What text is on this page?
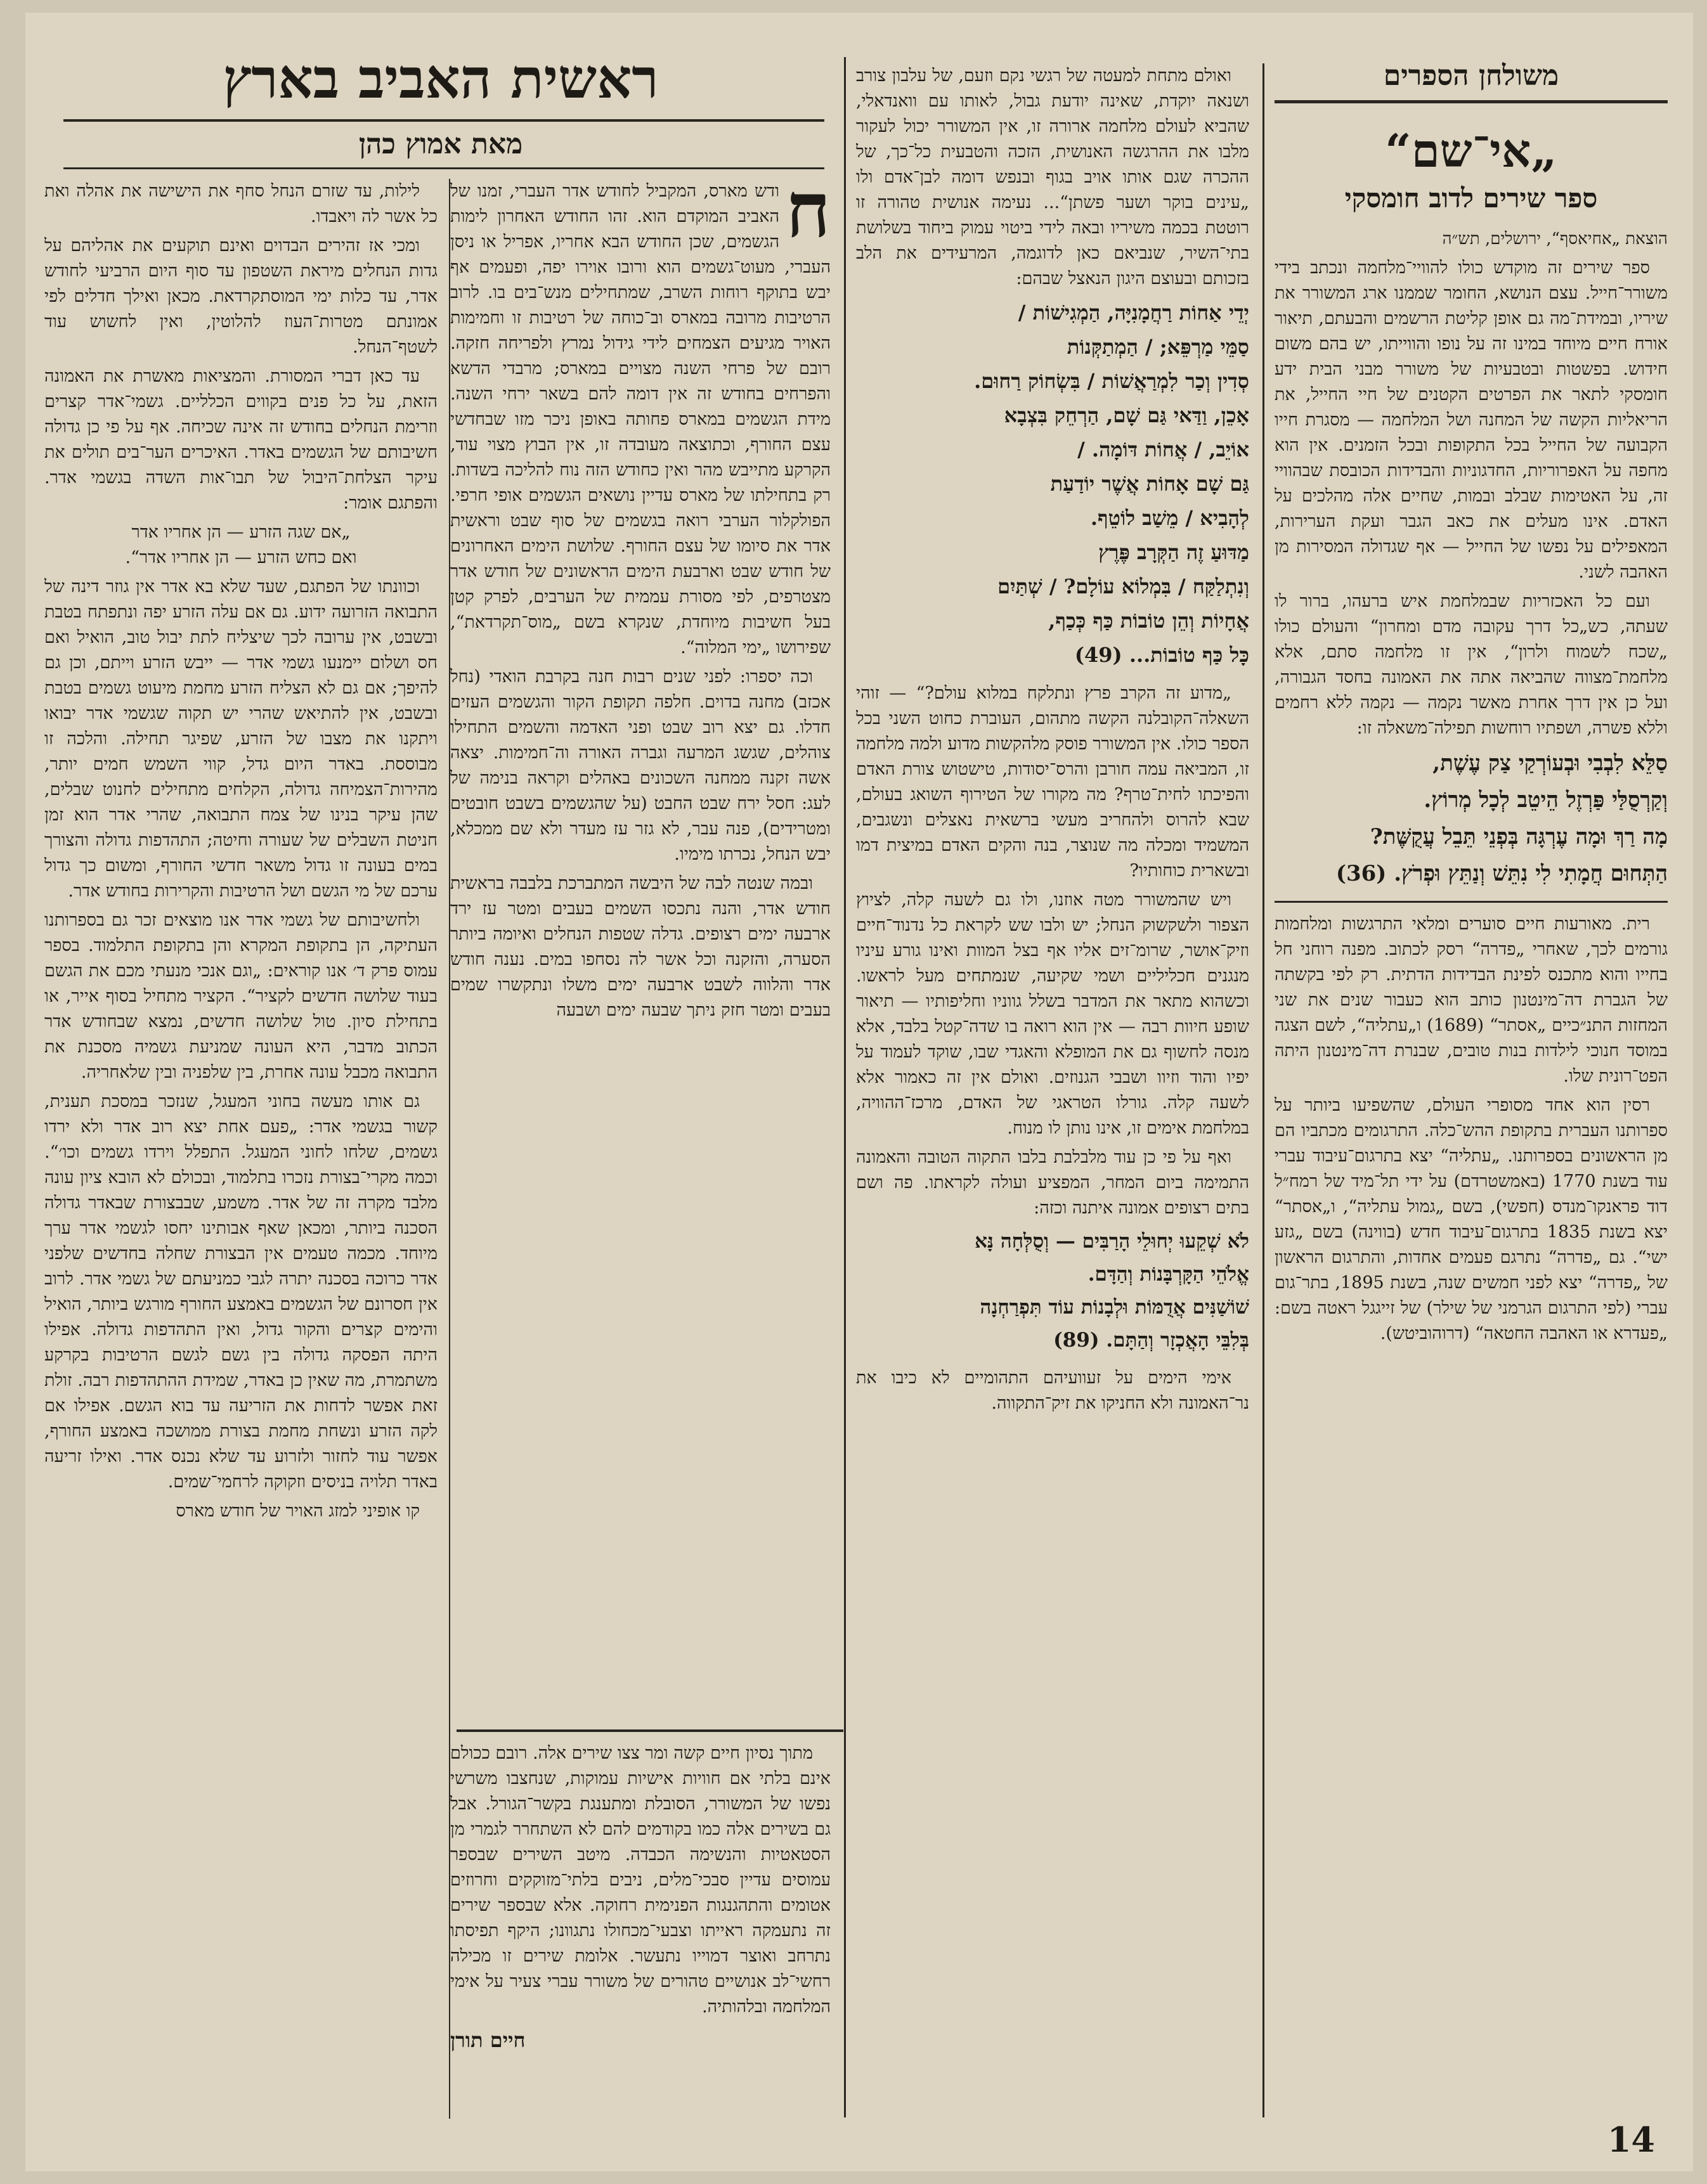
משולחן הספרים
„אי־שם“
ספר שירים לדוב חומסקי
הוצאת „אחיאסף“, ירושלים, תש״ה

ספר שירים זה מוקדש כולו להוויי־מלחמה ונכתב בידי משורר־חייל. עצם הנושא, החומר שממנו ארג המשורר את שיריו, ובמידת־מה גם אופן קליטת הרשמים והבעתם, תיאור אורח חיים מיוחד במינו זה על נופו והווייתו, יש בהם משום חידוש. בפשטות ובטבעיות של משורר מבני הבית ידע חומסקי לתאר את הפרטים הקטנים של חיי החייל, את הריאליות הקשה של המחנה ושל המלחמה — מסגרת חייו הקבועה של החייל בכל התקופות ובכל הזמנים. אין הוא מחפה על האפרוריות, החדגוניות והבדידות הכובסת שבהוויי זה, על האטימות שבלב ובמות, שחיים אלה מהלכים על האדם. אינו מעלים את כאב הגבר ועקת הערירות, המאפילים על נפשו של החייל — אף שגדולה המסירות מן האהבה לשני.

ועם כל האכזריות שבמלחמת איש ברעהו, ברור לו שעתה, כש„כל דרך עקובה מדם ומחרון“ והעולם כולו „שכח לשמוח ולרון“, אין זו מלחמה סתם, אלא מלחמת־מצווה שהביאה אתה את האמונה בחסד הגבורה, ועל כן אין דרך אחרת מאשר נקמה — נקמה ללא רחמים וללא פשרה, ושפתיו רוחשות תפילה־משאלה זו:

סַלֵּא לִבְבִי וּבְעוֹרְקַי צַק עֶשֶׁת,
וְקַרְסֻלַּי פַּרְזֶל הֵיטֵב לְכָל מְרוֹץ.
מָה רַךְ וּמָה עֶרְגָּה בְּפְנֵי תֵּבֵל עֲקֻשֶּׁת?
הַתְּחוּם חֲמָתִי לִי נִתֵּשׁ וְנַתֵּץ וּפְרֹץ. (36)

רית. מאורעות חיים סוערים ומלאי התרגשות ומלחמות גורמים לכך, שאחרי „פדרה“ רסק לכתוב. מפנה רוחני חל בחייו והוא מתכנס לפינת הבדידות הדתית. רק לפי בקשתה של הגברת דה־מינטנון כותב הוא כעבור שנים את שני המחזות התנ״כיים „אסתר“ (1689) ו„עתליה“, לשם הצגה במוסד חנוכי לילדות בנות טובים, שבנרת דה־מינטנון היתה הפט־רונית שלו.

רסין הוא אחד מסופרי העולם, שהשפיעו ביותר על ספרותנו העברית בתקופת ההש־כלה. התרגומים מכתביו הם מן הראשונים בספרותנו. „עתליה“ יצא בתרגום־עיבוד עברי עוד בשנת 1770 (באמשטרדם) על ידי תל־מיד של רמח״ל דוד פראנקו־מנדס (חפשי), בשם „גמול עתליה“, ו„אסתר“ יצא בשנת 1835 בתרגום־עיבוד חדש (בווינה) בשם „גזע ישי“. גם „פדרה“ נתרגם פעמים אחדות, והתרגום הראשון של „פדרה“ יצא לפני חמשים שנה, בשנת 1895, בתר־גום עברי (לפי התרגום הגרמני של שילר) של זייגגל ראטה בשם: „פעדרא או האהבה החטאה“ (דרוהוביטש).

ואולם מתחת למעטה של רגשי נקם וזעם, של עלבון צורב ושנאה יוקדת, שאינה יודעת גבול, לאותו עם וואנדאלי, שהביא לעולם מלחמה ארורה זו, אין המשורר יכול לעקור מלבו את ההרגשה האנושית, הזכה והטבעית כל־כך, של ההכרה שגם אותו אויב בגוף ובנפש דומה לבן־אדם ולו „עינים בוקר ושער פשתן“... נעימה אנושית טהורה זו רוטטת בכמה משיריו ובאה לידי ביטוי עמוק ביחוד בשלושת בתי־השיר, שנביאם כאן לדוגמה, המרעידים את הלב בזכותם ובעוצם היגון הנאצל שבהם:

יְדֵי אַחוֹת רַחֲמָנִיָּה, הַמְגִישׁוֹת /
סַמֵּי מַרְפֵּא; / הַמְתַקְּנוֹת
סְדִין וְכַר לִמְרַאֲשׁוֹת / בִּשְׂחוֹק רַחוּם.
אָכֵן, וַדַּאי גַּם שָׁם, הַרְחֵק בִּצְבָא
אוֹיֵב, / אֲחוֹת דּוֹמָה. /
גַּם שָׁם אָחוֹת אֲשֶׁר יוֹדַעַת
לְהָבִיא / מֵשַׁב לוֹטֵף.
מַדּוּעַ זֶה הַקְּרָב פֶּרֶץ
וְנִתְלַקַּח / בִּמְלוֹא עוֹלָם? / שְׁתַּיִם
אֲחָיוֹת וְהֵן טוֹבוֹת כַּף כְּכַף,
כָּל כַּף טוֹבוֹת... (49)

„מדוע זה הקרב פרץ ונתלקח במלוא עולם?“ — זוהי השאלה־הקובלנה הקשה מתהום, העוברת כחוט השני בכל הספר כולו. אין המשורר פוסק מלהקשות מדוע ולמה מלחמה זו, המביאה עמה חורבן והרס־יסודות, טישטוש צורת האדם והפיכתו לחית־טרף? מה מקורו של הטירוף השואג בעולם, שבא להרוס ולהחריב מעשי ברשאית נאצלים ונשגבים, המשמיד ומכלה מה שנוצר, בנה והקים האדם במיצית דמו ובשארית כוחותיו?

ויש שהמשורר מטה אוזנו, ולו גם לשעה קלה, לציוץ הצפור ולשקשוק הנחל; יש ולבו שש לקראת כל נדנוד־חיים וזיק־אושר, שרומ־זים אליו אף בצל המוות ואינו גורע עיניו מנגנים חכליליים ושמי שקיעה, שנמתחים מעל לראשו. וכשהוא מתאר את המדבר בשלל גווניו וחליפותיו — תיאור שופע חיוות רבה — אין הוא רואה בו שדה־קטל בלבד, אלא מנסה לחשוף גם את המופלא והאגדי שבו, שוקד לעמוד על יפיו והוד וזיוו ושבבי הגנוזים. ואולם אין זה כאמור אלא לשעה קלה. גורלו הטראגי של האדם, מרכז־ההוויה, במלחמת אימים זו, אינו נותן לו מנוח.

ואף על פי כן עוד מלבלבת בלבו התקוה הטובה והאמונה התמימה ביום המחר, המפציע ועולה לקראתו. פה ושם בתים רצופים אמונה איתנה וכזה:

לֹא שְׁקֵעוּ יְחוּלֵי הָרַבִּים — וְסֻלְּחָה נָּא
אֱלֹהֵי הַקָּרְבָּנוֹת וְהַדָּם.
שׁוֹשַׁנִּים אֲדֻמּוֹת וּלְבָנוֹת עוֹד תִּפְרַחְנָה
בְּלִבֵּי הָאֲכְזָר וְהַתָּם. (89)

אימי הימים על זעוועיהם התהומיים לא כיבו את נר־האמונה ולא החניקו את זיק־התקווה.

ראשית האביב בארץ
מאת אמוץ כהן
ח

ודש מארס, המקביל לחודש אדר העברי, זמנו של האביב המוקדם הוא. זהו החודש האחרון לימות הגשמים, שכן החודש הבא אחריו, אפריל או ניסן העברי, מעוט־גשמים הוא ורובו אוירו יפה, ופעמים אף יבש בתוקף רוחות השרב, שמתחילים מנש־בים בו. לרוב הרטיבות מרובה במארס וב־כוחה של רטיבות זו וחמימות האויר מגיעים הצמחים לידי גידול נמרץ ולפריחה חזקה. רובם של פרחי השנה מצויים במארס; מרבדי הדשא והפרחים בחודש זה אין דומה להם בשאר ירחי השנה. מידת הגשמים במארס פחותה באופן ניכר מזו שבחדשי עצם החורף, וכתוצאה מעובדה זו, אין הבוץ מצוי עוד, הקרקע מתייבש מהר ואין כחודש הזה נוח להליכה בשדות. רק בתחילתו של מארס עדיין נושאים הגשמים אופי חרפי. הפולקלור הערבי רואה בגשמים של סוף שבט וראשית אדר את סיומו של עצם החורף. שלושת הימים האחרונים של חודש שבט וארבעת הימים הראשונים של חודש אדר מצטרפים, לפי מסורת עממית של הערבים, לפרק קטן בעל חשיבות מיוחדת, שנקרא בשם „מוס־תקרדאת“, שפירושו „ימי המלוה“.

וכה יספרו: לפני שנים רבות חנה בקרבת הואדי (נחל אכזב) מחנה בדוים. חלפה תקופת הקור והגשמים העזים חדלו. גם יצא רוב שבט ופני האדמה והשמים התחילו צוהלים, שגשג המרעה וגברה האורה וה־חמימות. יצאה אשה זקנה ממחנה השכונים באהלים וקראה בנימה של לעג: חסל ירח שבט החבט (על שהגשמים בשבט חובטים ומטרידים), פנה עבר, לא גזר עז מעדר ולא שם ממכלא, יבש הנחל, נכרתו מימיו.

ובמה שנטה לבה של היבשה המתברכת בלבבה בראשית חודש אדר, והנה נתכסו השמים בעבים ומטר עז ירד ארבעה ימים רצופים. גדלה שטפות הנחלים ואיומה ביותר הסערה, והזקנה וכל אשר לה נסחפו במים. נענה חודש אדר והלווה לשבט ארבעה ימים משלו ונתקשרו שמים בעבים ומטר חזק ניתך שבעה ימים ושבעה

לילות, עד שזרם הנחל סחף את הישישה את אהלה ואת כל אשר לה ויאבדו.

ומכי אז זהירים הבדוים ואינם תוקעים את אהליהם על גדות הנחלים מיראת השטפון עד סוף היום הרביעי לחודש אדר, עד כלות ימי המוסתקרדאת. מכאן ואילך חדלים לפי אמונתם מטרות־העוז להלוטין, ואין לחשוש עוד לשטף־הנחל.

עד כאן דברי המסורת. והמציאות מאשרת את האמונה הזאת, על כל פנים בקווים הכלליים. גשמי־אדר קצרים וזרימת הנחלים בחודש זה אינה שכיחה. אף על פי כן גדולה חשיבותם של הגשמים באדר. האיכרים הער־בים תולים את עיקר הצלחת־היבול של תבו־אות השדה בגשמי אדר. והפתגם אומר:

„אם שגה הזרע — הן אחריו אדר

ואם כחש הזרע — הן אחריו אדר“.

וכוונתו של הפתגם, שעד שלא בא אדר אין גוזר דינה של התבואה הזרועה ידוע. גם אם עלה הזרע יפה ונתפתח בטבת ובשבט, אין ערובה לכך שיצליח לתת יבול טוב, הואיל ואם חס ושלום יימנעו גשמי אדר — ייבש הזרע וייתם, וכן גם להיפך; אם גם לא הצליח הזרע מחמת מיעוט גשמים בטבת ובשבט, אין להתיאש שהרי יש תקוה שגשמי אדר יבואו ויתקנו את מצבו של הזרע, שפיגר תחילה. והלכה זו מבוססת. באדר היום גדל, קווי השמש חמים יותר, מהירות־הצמיחה גדולה, הקלחים מתחילים לחנוט שבלים, שהן עיקר בנינו של צמח התבואה, שהרי אדר הוא זמן חניטת השבלים של שעורה וחיטה; התהדפות גדולה והצורך במים בעונה זו גדול משאר חדשי החורף, ומשום כך גדול ערכם של מי הגשם ושל הרטיבות והקרירות בחודש אדר.

ולחשיבותם של גשמי אדר אנו מוצאים זכר גם בספרותנו העתיקה, הן בתקופת המקרא והן בתקופת התלמוד. בספר עמוס פרק ד׳ אנו קוראים: „וגם אנכי מנעתי מכם את הגשם בעוד שלושה חדשים לקציר“. הקציר מתחיל בסוף אייר, או בתחילת סיון. טול שלושה חדשים, נמצא שבחודש אדר הכתוב מדבר, היא העונה שמניעת גשמיה מסכנת את התבואה מכבל עונה אחרת, בין שלפניה ובין שלאחריה.

גם אותו מעשה בחוני המעגל, שנזכר במסכת תענית, קשור בגשמי אדר: „פעם אחת יצא רוב אדר ולא ירדו גשמים, שלחו לחוני המעגל. התפלל וירדו גשמים וכו׳“. וכמה מקרי־בצורת נזכרו בתלמוד, ובכולם לא הובא ציון עונה מלבד מקרה זה של אדר. משמע, שבבצורת שבאדר גדולה הסכנה ביותר, ומכאן שאף אבותינו יחסו לגשמי אדר ערך מיוחד. מכמה טעמים אין הבצורת שחלה בחדשים שלפני אדר כרוכה בסכנה יתרה לגבי כמניעתם של גשמי אדר. לרוב אין חסרונם של הגשמים באמצע החורף מורגש ביותר, הואיל והימים קצרים והקור גדול, ואין התהדפות גדולה. אפילו היתה הפסקה גדולה בין גשם לגשם הרטיבות בקרקע משתמרת, מה שאין כן באדר, שמידת ההתהדפות רבה. זולת זאת אפשר לדחות את הזריעה עד בוא הגשם. אפילו אם לקה הזרע ונשחת מחמת בצורת ממושכה באמצע החורף, אפשר עוד לחזור ולזרוע עד שלא נכנס אדר. ואילו זריעה באדר תלויה בניסים וזקוקה לרחמי־שמים.

קו אופיני למזג האויר של חודש מארס

מתוך נסיון חיים קשה ומר צצו שירים אלה. רובם ככולם אינם בלתי אם חוויות אישיות עמוקות, שנחצבו משרשי נפשו של המשורר, הסובלת ומתענגת בקשר־הגורל. אבל גם בשירים אלה כמו בקודמים להם לא השתחרר לגמרי מן הסטאטיות והנשימה הכבדה. מיטב השירים שבספר עמוסים עדיין סבכי־מלים, ניבים בלתי־מזוקקים וחרוזים אטומים והתהגנגות הפנימית רחוקה. אלא שבספר שירים זה נתעמקה ראייתו וצבעי־מכחולו נתגוונו; היקף תפיסתו נתרחב ואוצר דמוייו נתעשר. אלומת שירים זו מכילה רחשי־לב אנושיים טהורים של משורר עברי צעיר על אימי המלחמה ובלהותיה.

חיים תורן

14
